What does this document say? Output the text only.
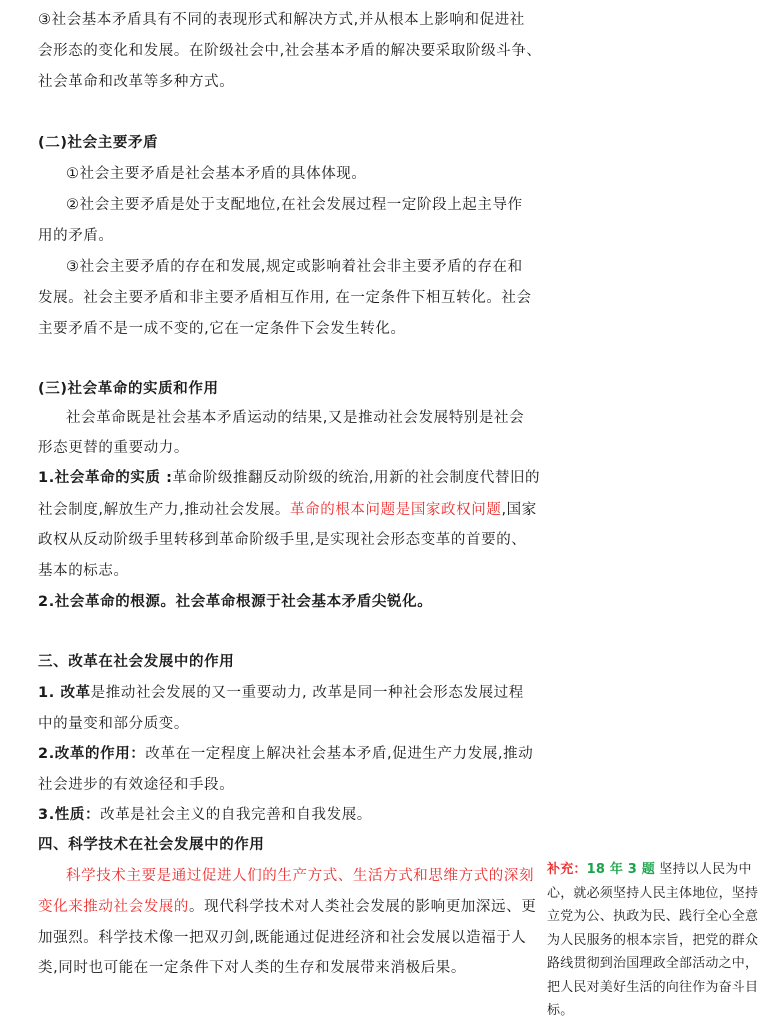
③社会基本矛盾具有不同的表现形式和解决方式,并从根本上影响和促进社
会形态的变化和发展。在阶级社会中,社会基本矛盾的解决要采取阶级斗争、
社会革命和改革等多种方式。
(二)社会主要矛盾
①社会主要矛盾是社会基本矛盾的具体体现。
②社会主要矛盾是处于支配地位,在社会发展过程一定阶段上起主导作
用的矛盾。
③社会主要矛盾的存在和发展,规定或影响着社会非主要矛盾的存在和
发展。社会主要矛盾和非主要矛盾相互作用, 在一定条件下相互转化。社会
主要矛盾不是一成不变的,它在一定条件下会发生转化。
(三)社会革命的实质和作用
社会革命既是社会基本矛盾运动的结果,又是推动社会发展特别是社会
形态更替的重要动力。
1.社会革命的实质 :革命阶级推翻反动阶级的统治,用新的社会制度代替旧的
社会制度,解放生产力,推动社会发展。革命的根本问题是国家政权问题,国家
政权从反动阶级手里转移到革命阶级手里,是实现社会形态变革的首要的、
基本的标志。
2.社会革命的根源。社会革命根源于社会基本矛盾尖锐化。
三、改革在社会发展中的作用
1. 改革是推动社会发展的又一重要动力, 改革是同一种社会形态发展过程
中的量变和部分质变。
2.改革的作用：改革在一定程度上解决社会基本矛盾,促进生产力发展,推动
社会进步的有效途径和手段。
3.性质：改革是社会主义的自我完善和自我发展。
四、科学技术在社会发展中的作用
科学技术主要是通过促进人们的生产方式、生活方式和思维方式的深刻
变化来推动社会发展的。现代科学技术对人类社会发展的影响更加深远、更
加强烈。科学技术像一把双刃剑,既能通过促进经济和社会发展以造福于人
类,同时也可能在一定条件下对人类的生存和发展带来消极后果。
补充：18 年 3 题 坚持以人民为中
心，就必须坚持人民主体地位，坚持
立党为公、执政为民、践行全心全意
为人民服务的根本宗旨，把党的群众
路线贯彻到治国理政全部活动之中，
把人民对美好生活的向往作为奋斗目
标。
